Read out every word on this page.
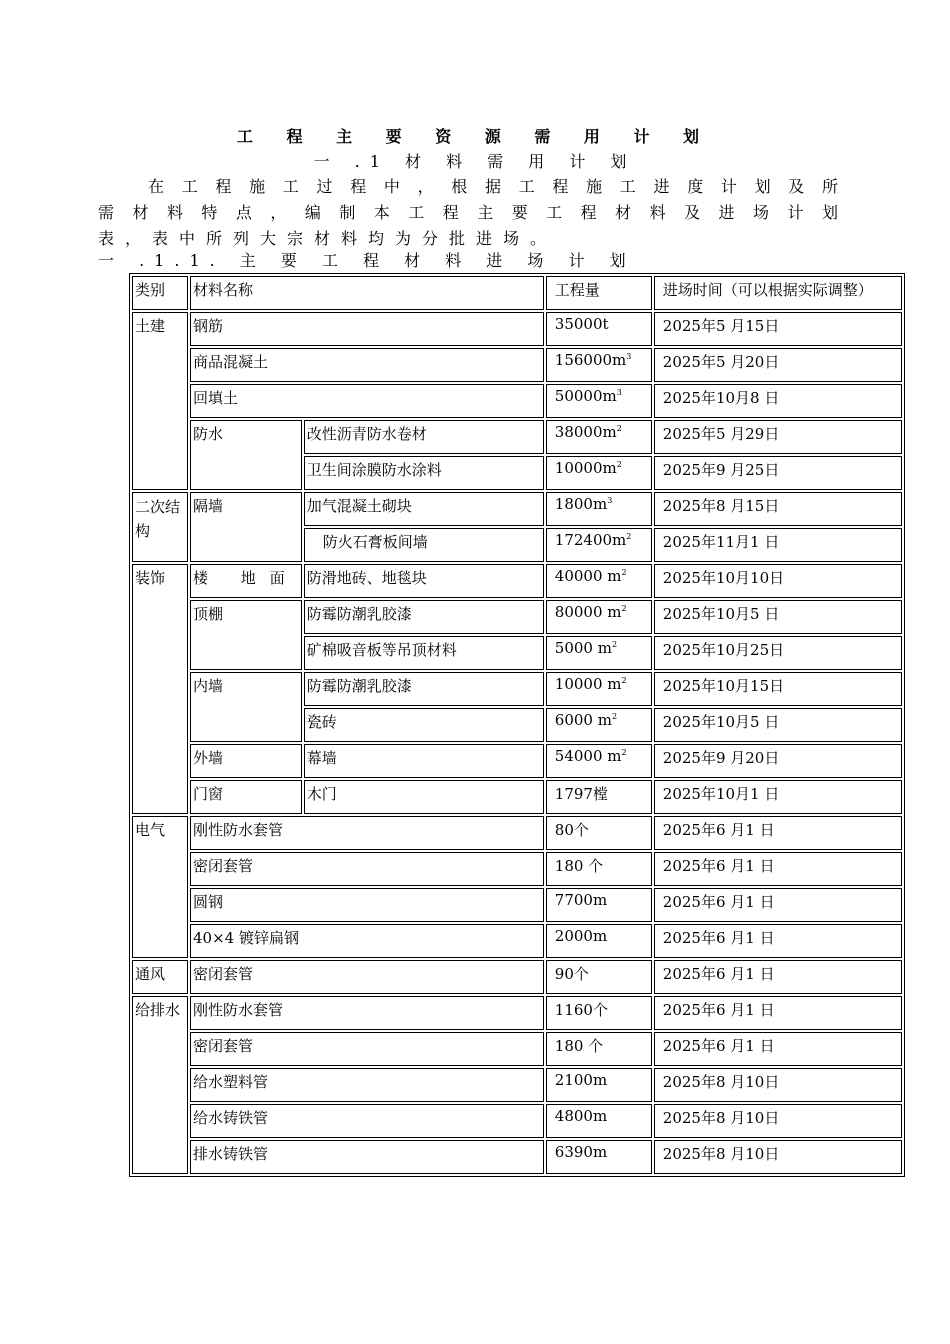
工 程 主 要 资 源 需 用 计 划
一 .1 材 料 需 用 计 划
在工程施工过程中，根据工程施工进度计划及所
需材料特点，编制本工程主要工程材料及进场计划
表，表中所列大宗材料均为分批进场。
一 .1.1. 主 要 工 程 材 料 进 场 计 划
类别	材料名称		工程量	进场时间（可以根据实际调整）
土建	钢筋		35000t	2025年5 月15日
	商品混凝土		$156000m^3$	2025年5 月20日
	回填土		$50000m^3$	2025年10月8 日
	防水	改性沥青防水卷材	$38000m^2$	2025年5 月29日
		卫生间涂膜防水涂料	$10000m^2$	2025年9 月25日
二次结构	隔墙	加气混凝土砌块	$1800m^3$	2025年8 月15日
		防火石膏板间墙	$172400m^2$	2025年11月1 日
装饰	楼 地面	防滑地砖、地毯块	40000 $m^2$	2025年10月10日
	顶棚	防霉防潮乳胶漆	80000 $m^2$	2025年10月5 日
		矿棉吸音板等吊顶材料	5000 $m^2$	2025年10月25日
	内墙	防霉防潮乳胶漆	10000 $m^2$	2025年10月15日
		瓷砖	6000 $m^2$	2025年10月5 日
	外墙	幕墙	54000 $m^2$	2025年9 月20日
	门窗	木门	1797樘	2025年10月1 日
电气	刚性防水套管		80个	2025年6 月1 日
	密闭套管		180 个	2025年6 月1 日
	圆钢		7700m	2025年6 月1 日
	40×4 镀锌扁钢		2000m	2025年6 月1 日
通风	密闭套管		90个	2025年6 月1 日
给排水	刚性防水套管		1160个	2025年6 月1 日
	密闭套管		180 个	2025年6 月1 日
	给水塑料管		2100m	2025年8 月10日
	给水铸铁管		4800m	2025年8 月10日
	排水铸铁管		6390m	2025年8 月10日
